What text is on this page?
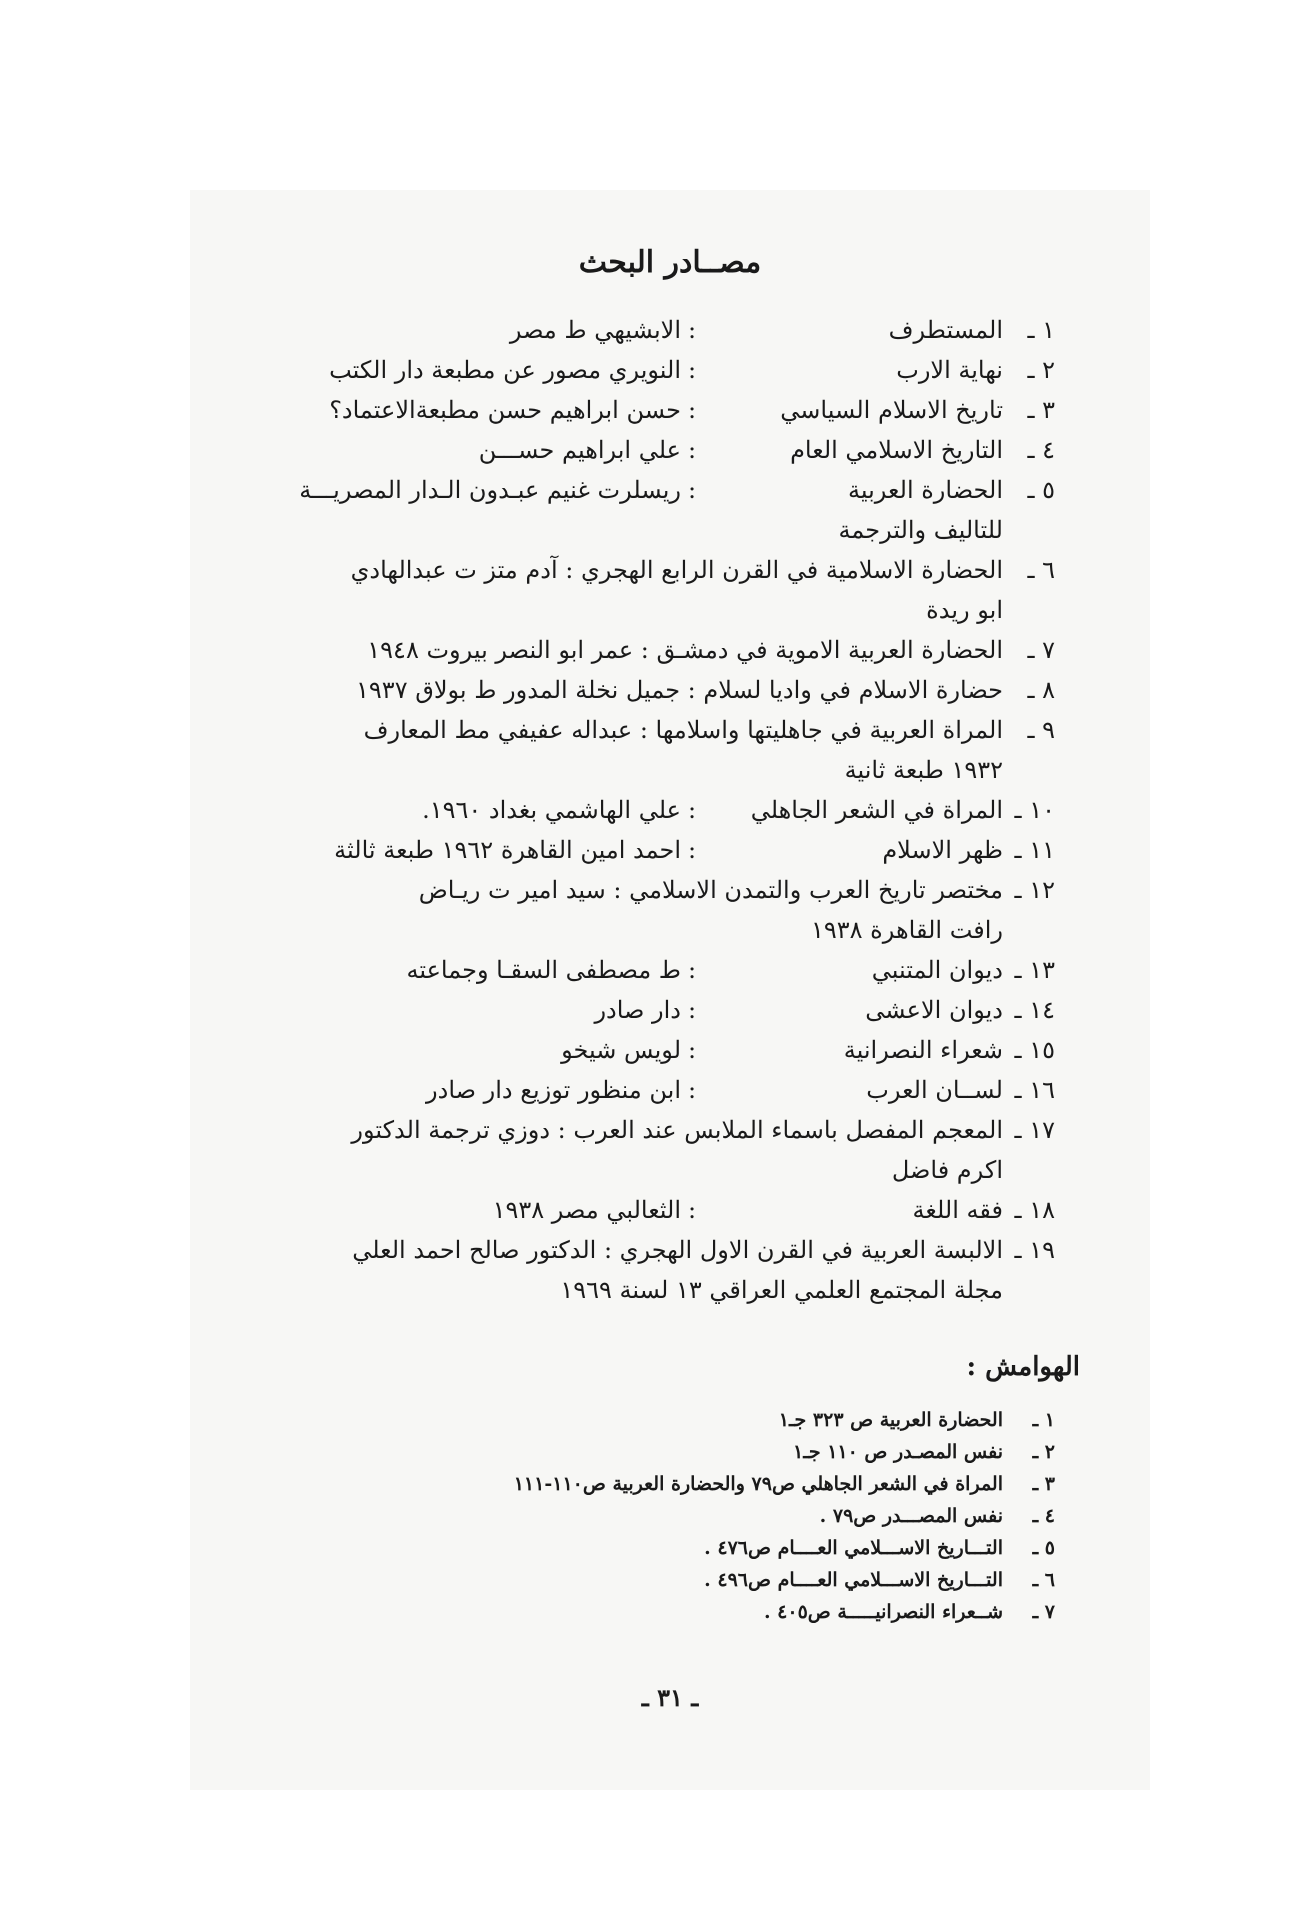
مصــادر البحث
١ ـ
المستطرف
:
الابشيهي ط مصر
٢ ـ
نهاية الارب
:
النويري مصور عن مطبعة دار الكتب
٣ ـ
تاريخ الاسلام السياسي
:
حسن ابراهيم حسن مطبعةالاعتماد؟
٤ ـ
التاريخ الاسلامي العام
:
علي ابراهيم حســـن
٥ ـ
الحضارة العربية
:
ريسلرت غنيم عبـدون الـدار المصريـــة
للتاليف والترجمة
٦ ـ
الحضارة الاسلامية في القرن الرابع الهجري : آدم متز ت عبدالهادي
ابو ريدة
٧ ـ
الحضارة العربية الاموية في دمشـق : عمر ابو النصر بيروت ١٩٤٨
٨ ـ
حضارة الاسلام في واديا لسلام : جميل نخلة المدور ط بولاق ١٩٣٧
٩ ـ
المراة العربية في جاهليتها واسلامها : عبداله عفيفي مط المعارف
١٩٣٢ طبعة ثانية
١٠ ـ
المراة في الشعر الجاهلي
:
علي الهاشمي بغداد ١٩٦٠.
١١ ـ
ظهر الاسلام
:
احمد امين القاهرة ١٩٦٢ طبعة ثالثة
١٢ ـ
مختصر تاريخ العرب والتمدن الاسلامي : سيد امير ت ريـاض
رافت القاهرة ١٩٣٨
١٣ ـ
ديوان المتنبي
:
ط مصطفى السقـا وجماعته
١٤ ـ
ديوان الاعشى
:
دار صادر
١٥ ـ
شعراء النصرانية
:
لويس شيخو
١٦ ـ
لســان العرب
:
ابن منظور توزيع دار صادر
١٧ ـ
المعجم المفصل باسماء الملابس عند العرب : دوزي ترجمة الدكتور
اكرم فاضل
١٨ ـ
فقه اللغة
:
الثعالبي مصر ١٩٣٨
١٩ ـ
الالبسة العربية في القرن الاول الهجري : الدكتور صالح احمد العلي
مجلة المجتمع العلمي العراقي ١٣ لسنة ١٩٦٩
الهوامش :
١ ـ
الحضارة العربية ص ٣٢٣ جـ١
٢ ـ
نفس المصـدر ص ١١٠ جـ١
٣ ـ
المراة في الشعر الجاهلي ص٧٩ والحضارة العربية ص١١٠-١١١
٤ ـ
نفس المصـــدر ص٧٩ .
٥ ـ
التـــاريخ الاســـلامي العــــام ص٤٧٦ .
٦ ـ
التـــاريخ الاســـلامي العــــام ص٤٩٦ .
٧ ـ
شــعراء النصرانيـــــة ص٤٠٥ .
ـ ٣١ ـ
